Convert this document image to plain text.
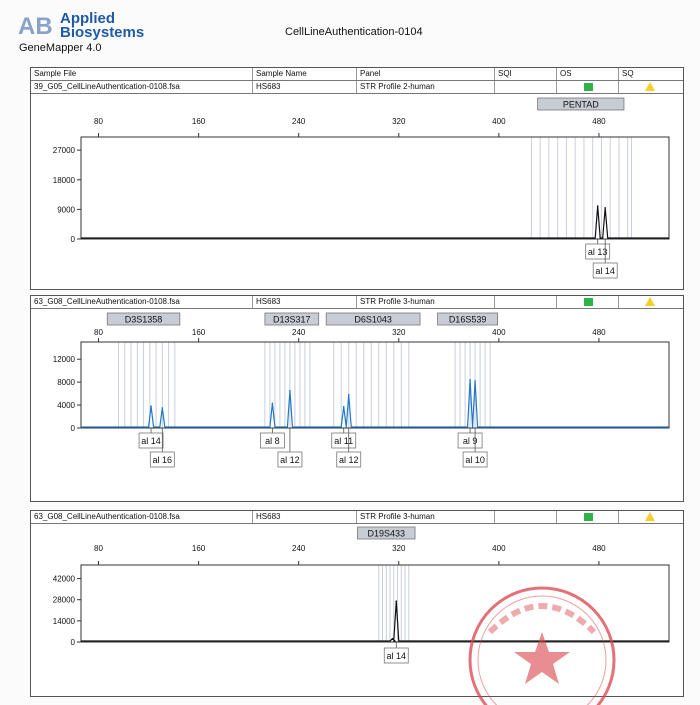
AB Applied
Biosystems
GeneMapper 4.0
CellLineAuthentication-0104
Sample File	Sample Name	Panel	SQI	OS	SQ
39_G05_CellLineAuthentication-0108.fsa	HS683	STR Profile 2-human
PENTAD
80	160	240	320	400	480
0
9000
18000
27000
al 13
al 14
63_G08_CellLineAuthentication-0108.fsa	HS683	STR Profile 3-human
D3S1358	D13S317	D6S1043	D16S539
80	160	240	320	400	480
0
4000
8000
12000
al 14
al 16
al 8
al 12
al 11
al 12
al 9
al 10
63_G08_CellLineAuthentication-0108.fsa	HS683	STR Profile 3-human
D19S433
80	160	240	320	400	480
0
14000
28000
42000
al 14
